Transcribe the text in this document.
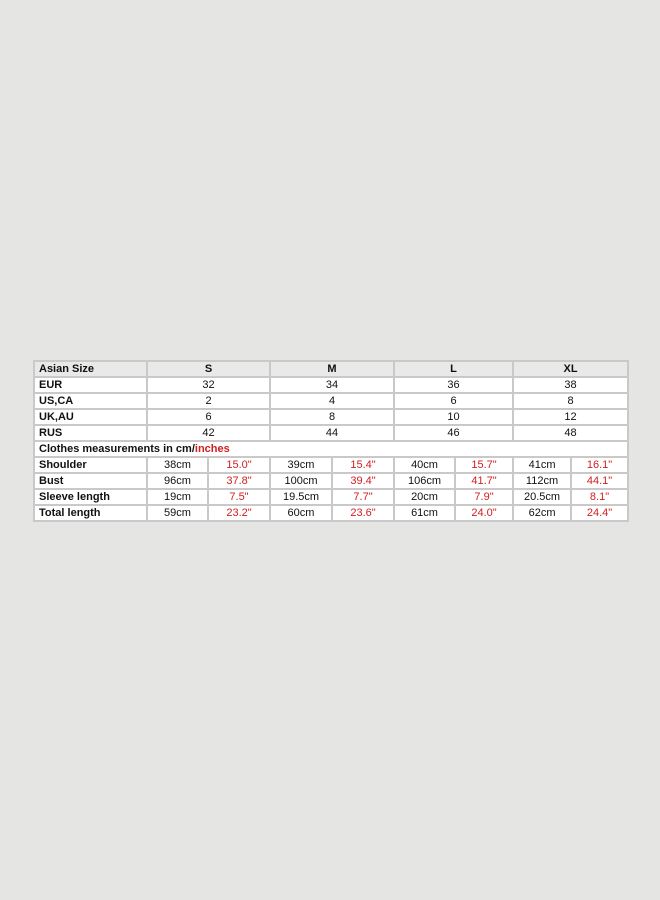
Asian Size	S		M		L		XL	
EUR	32		34		36		38	
US,CA	2		4		6		8	
UK,AU	6		8		10		12	
RUS	42		44		46		48	
Clothes measurements in cm/inches								
Shoulder	38cm	15.0"	39cm	15.4"	40cm	15.7"	41cm	16.1"
Bust	96cm	37.8"	100cm	39.4"	106cm	41.7"	112cm	44.1"
Sleeve length	19cm	7.5"	19.5cm	7.7"	20cm	7.9"	20.5cm	8.1"
Total length	59cm	23.2"	60cm	23.6"	61cm	24.0"	62cm	24.4"
